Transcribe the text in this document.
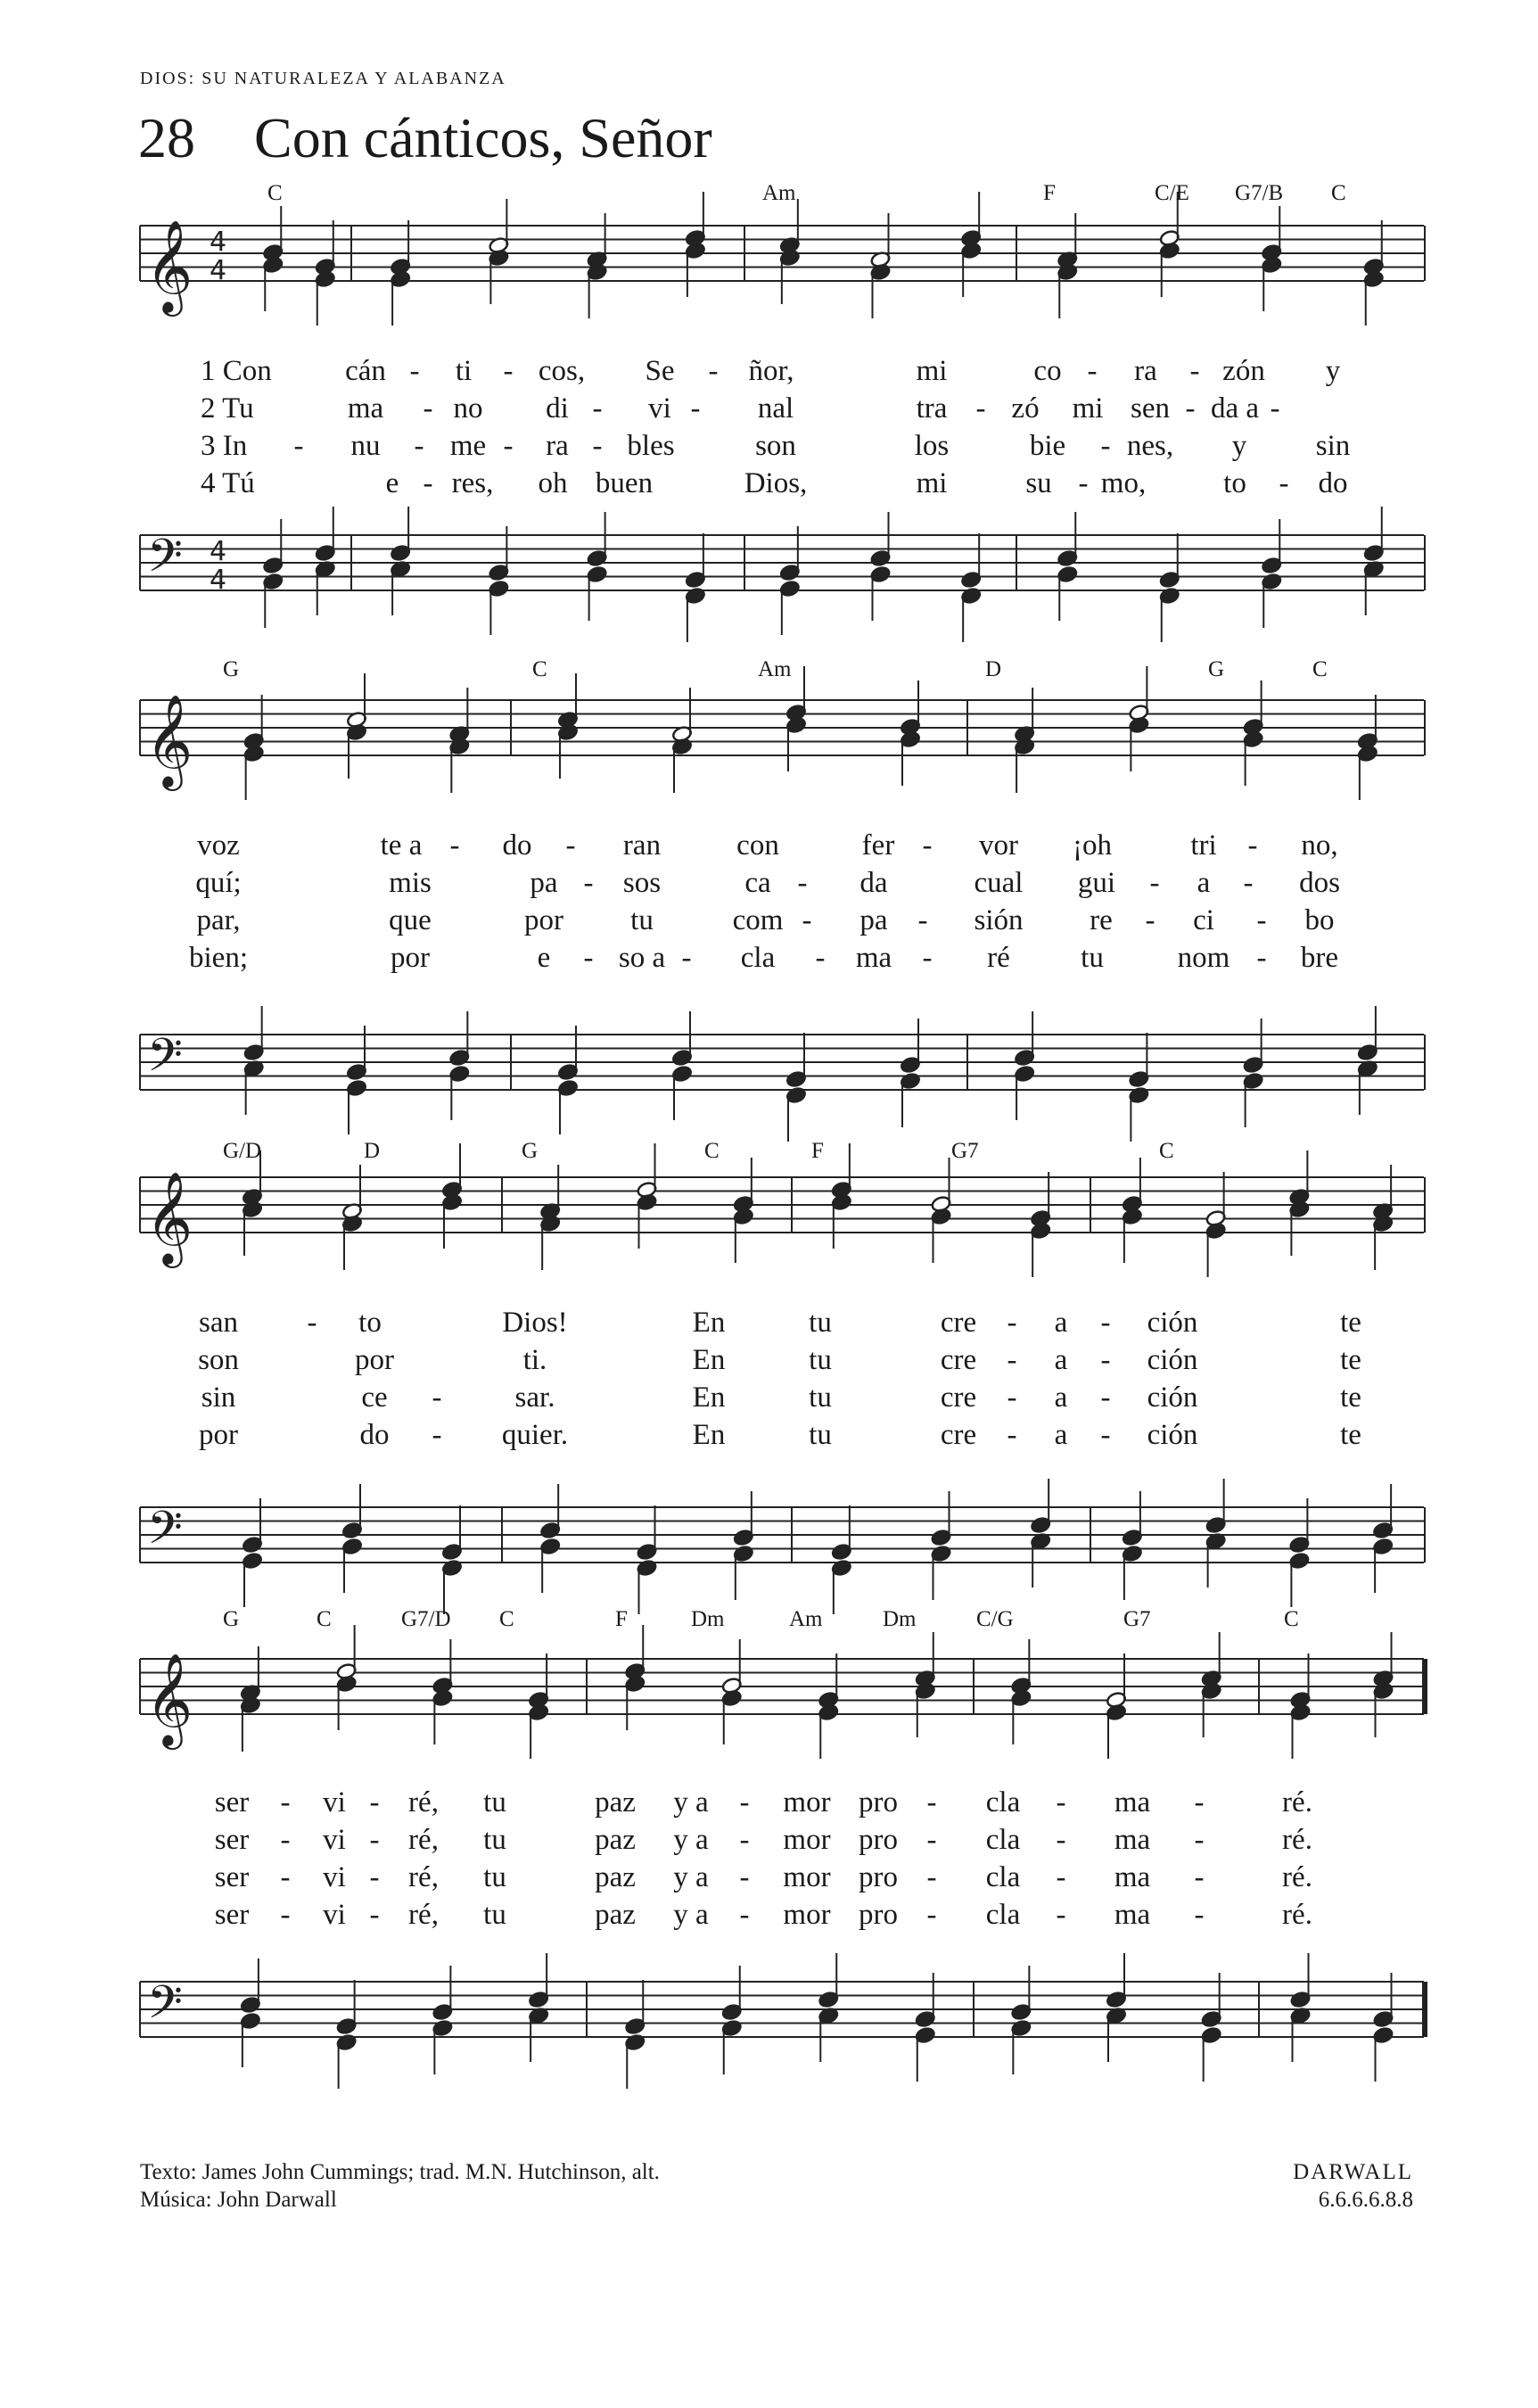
DIOS: SU NATURALEZA Y ALABANZA
28 Con cánticos, Señor
𝄞 4
4
𝄢 4
4
𝄞
𝄢
𝄞
𝄢
𝄞
𝄢
C	Am	F	C/E G7/B C
G	C	Am	D	G	C
G/D	D	G	C	F	G7	C
G	C	G7/D C	F	Dm	Am	Dm	C/G	G7	C
1 Con cán - ti - cos, Se - ñor,	mi	co - ra - zón y
2 Tu	ma - no di - vi - nal	tra - zó mi sen - da a -
3 In - nu - me - ra - bles	son	los	bie - nes, y sin
4 Tú	e - res, oh buen	Dios,	mi	su - mo,	to - do
voz	te a - do - ran	con	fer - vor ¡oh	tri - no,
quí;	mis	pa - sos	ca - da	cual gui - a - dos
par,	que	por tu	com - pa - sión re - ci - bo
bien;	por	e - so a - cla - ma - ré tu	nom - bre
san - to	Dios!	En	tu	cre - a - ción	te
son	por	ti.	En	tu	cre - a - ción	te
sin	ce - sar.	En	tu	cre - a - ción	te
por	do - quier.	En	tu	cre - a - ción	te
ser - vi - ré, tu	paz y a - mor pro - cla - ma -	ré.
ser - vi - ré, tu	paz y a - mor pro - cla - ma -	ré.
ser - vi - ré, tu	paz y a - mor pro - cla - ma -	ré.
ser - vi - ré, tu	paz y a - mor pro - cla - ma -	ré.
Texto: James John Cummings; trad. M.N. Hutchinson, alt.
Música: John Darwall
DARWALL
6.6.6.6.8.8
